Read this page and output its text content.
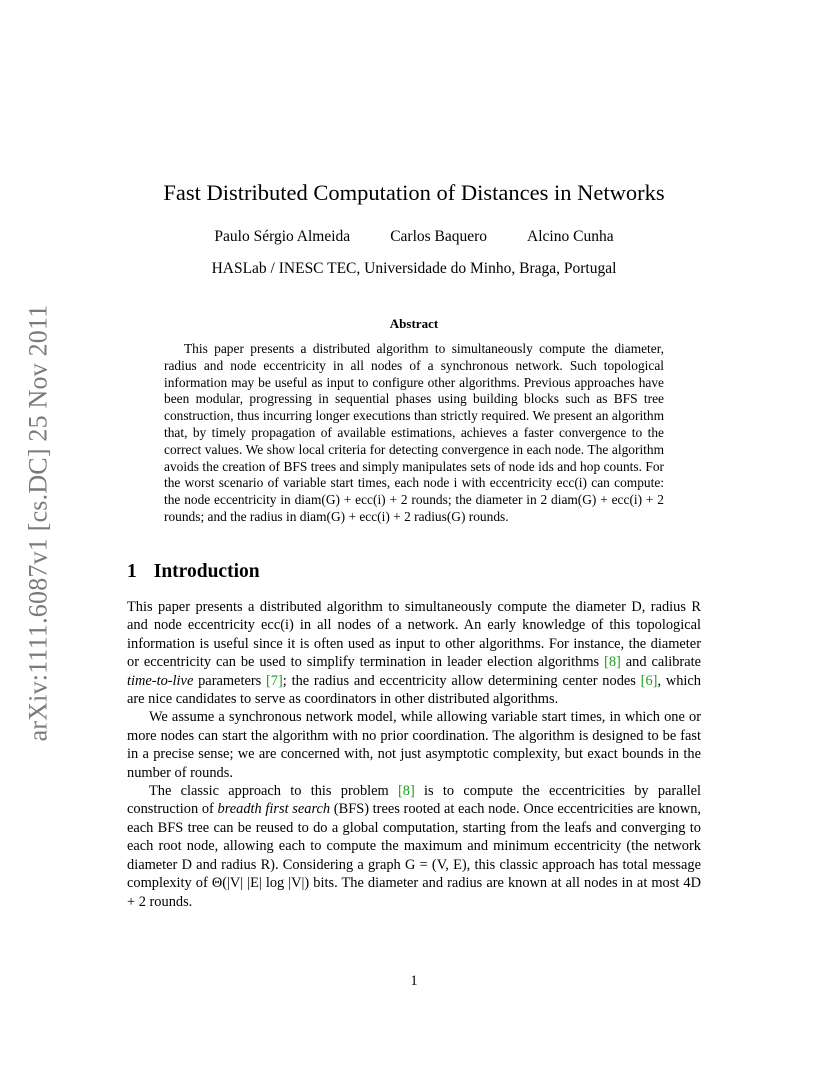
arXiv:1111.6087v1 [cs.DC] 25 Nov 2011
Fast Distributed Computation of Distances in Networks
Paulo Sérgio Almeida	Carlos Baquero	Alcino Cunha
HASLab / INESC TEC, Universidade do Minho, Braga, Portugal
Abstract

This paper presents a distributed algorithm to simultaneously compute the diameter, radius and node eccentricity in all nodes of a synchronous network. Such topological information may be useful as input to configure other algorithms. Previous approaches have been modular, progressing in sequential phases using building blocks such as BFS tree construction, thus incurring longer executions than strictly required. We present an algorithm that, by timely propagation of available estimations, achieves a faster convergence to the correct values. We show local criteria for detecting convergence in each node. The algorithm avoids the creation of BFS trees and simply manipulates sets of node ids and hop counts. For the worst scenario of variable start times, each node i with eccentricity ecc(i) can compute: the node eccentricity in diam(G) + ecc(i) + 2 rounds; the diameter in 2 diam(G) + ecc(i) + 2 rounds; and the radius in diam(G) + ecc(i) + 2 radius(G) rounds.

1 Introduction

This paper presents a distributed algorithm to simultaneously compute the diameter D, radius R and node eccentricity ecc(i) in all nodes of a network. An early knowledge of this topological information is useful since it is often used as input to other algorithms. For instance, the diameter or eccentricity can be used to simplify termination in leader election algorithms [8] and calibrate time-to-live parameters [7]; the radius and eccentricity allow determining center nodes [6], which are nice candidates to serve as coordinators in other distributed algorithms.

We assume a synchronous network model, while allowing variable start times, in which one or more nodes can start the algorithm with no prior coordination. The algorithm is designed to be fast in a precise sense; we are concerned with, not just asymptotic complexity, but exact bounds in the number of rounds.

The classic approach to this problem [8] is to compute the eccentricities by parallel construction of breadth first search (BFS) trees rooted at each node. Once eccentricities are known, each BFS tree can be reused to do a global computation, starting from the leafs and converging to each root node, allowing each to compute the maximum and minimum eccentricity (the network diameter D and radius R). Considering a graph G = (V, E), this classic approach has total message complexity of Θ(|V| |E| log |V|) bits. The diameter and radius are known at all nodes in at most 4D + 2 rounds.

1
